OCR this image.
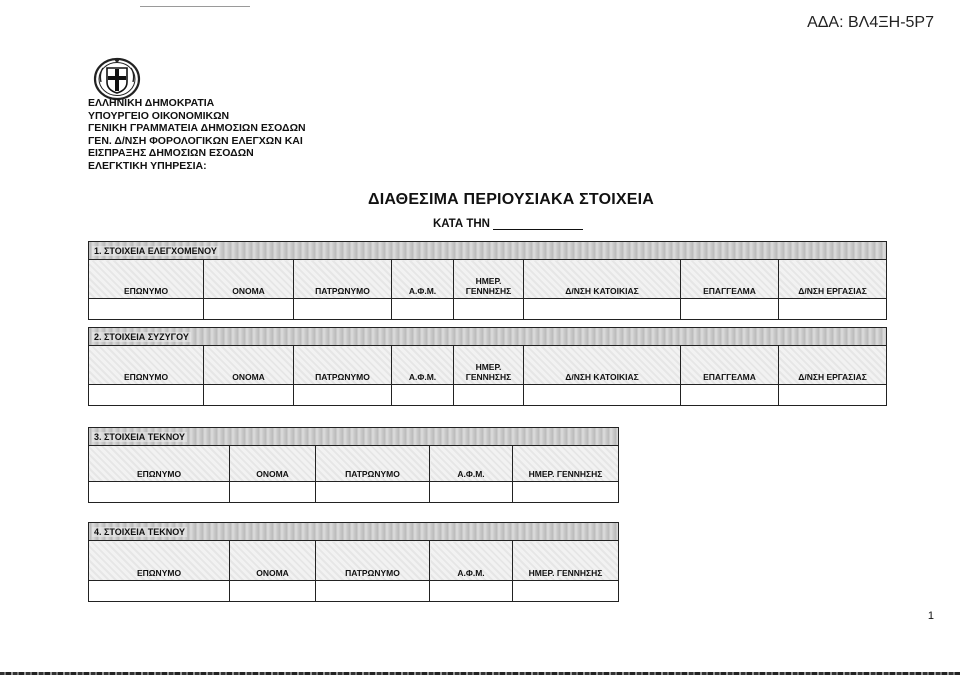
ΑΔΑ: ΒΛ4ΞΗ-5Ρ7
ΕΛΛΗΝΙΚΗ ΔΗΜΟΚΡΑΤΙΑ
ΥΠΟΥΡΓΕΙΟ ΟΙΚΟΝΟΜΙΚΩΝ
ΓΕΝΙΚΗ ΓΡΑΜΜΑΤΕΙΑ ΔΗΜΟΣΙΩΝ ΕΣΟΔΩΝ
ΓΕΝ. Δ/ΝΣΗ ΦΟΡΟΛΟΓΙΚΩΝ ΕΛΕΓΧΩΝ ΚΑΙ
ΕΙΣΠΡΑΞΗΣ ΔΗΜΟΣΙΩΝ ΕΣΟΔΩΝ
ΕΛΕΓΚΤΙΚΗ ΥΠΗΡΕΣΙΑ:
ΔΙΑΘΕΣΙΜΑ ΠΕΡΙΟΥΣΙΑΚΑ ΣΤΟΙΧΕΙΑ
ΚΑΤΑ ΤΗΝ
1. ΣΤΟΙΧΕΙΑ ΕΛΕΓΧΟΜΕΝΟΥ							
ΕΠΩΝΥΜΟ	ΟΝΟΜΑ	ΠΑΤΡΩΝΥΜΟ	Α.Φ.Μ.	ΗΜΕΡ.
ΓΕΝΝΗΣΗΣ	Δ/ΝΣΗ ΚΑΤΟΙΚΙΑΣ	ΕΠΑΓΓΕΛΜΑ	Δ/ΝΣΗ ΕΡΓΑΣΙΑΣ

2. ΣΤΟΙΧΕΙΑ ΣΥΖΥΓΟΥ							
ΕΠΩΝΥΜΟ	ΟΝΟΜΑ	ΠΑΤΡΩΝΥΜΟ	Α.Φ.Μ.	ΗΜΕΡ.
ΓΕΝΝΗΣΗΣ	Δ/ΝΣΗ ΚΑΤΟΙΚΙΑΣ	ΕΠΑΓΓΕΛΜΑ	Δ/ΝΣΗ ΕΡΓΑΣΙΑΣ

3. ΣΤΟΙΧΕΙΑ ΤΕΚΝΟΥ				
ΕΠΩΝΥΜΟ	ΟΝΟΜΑ	ΠΑΤΡΩΝΥΜΟ	Α.Φ.Μ.	ΗΜΕΡ. ΓΕΝΝΗΣΗΣ

4. ΣΤΟΙΧΕΙΑ ΤΕΚΝΟΥ				
ΕΠΩΝΥΜΟ	ΟΝΟΜΑ	ΠΑΤΡΩΝΥΜΟ	Α.Φ.Μ.	ΗΜΕΡ. ΓΕΝΝΗΣΗΣ

1
